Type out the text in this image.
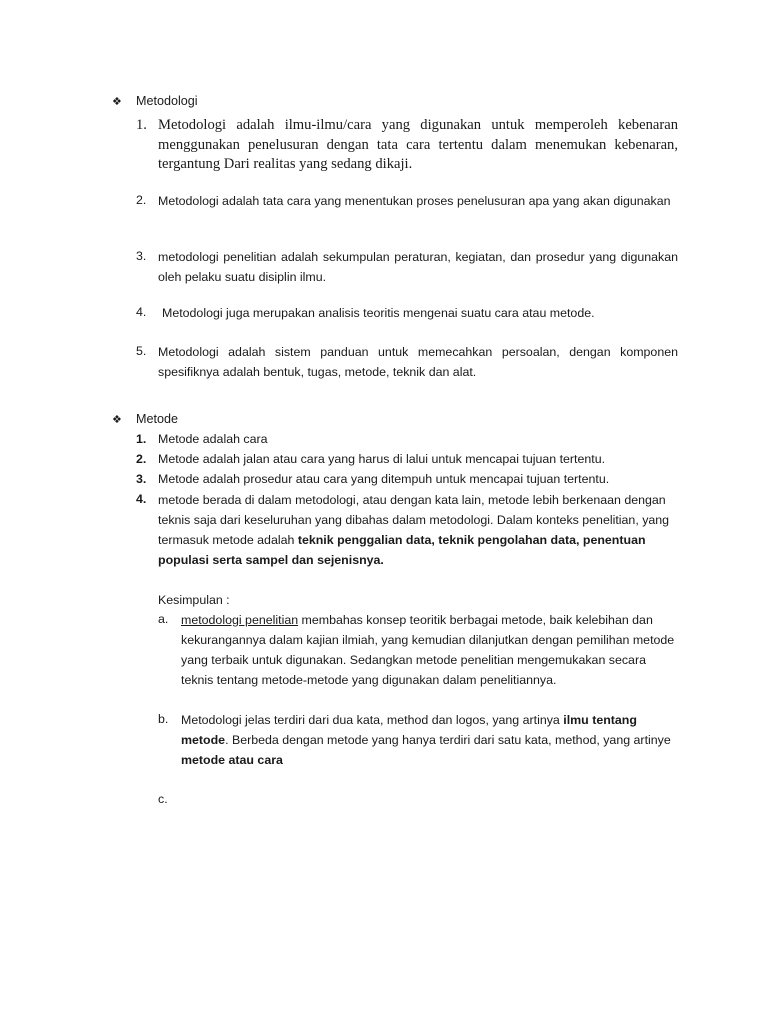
❖ Metodologi
1. Metodologi adalah ilmu-ilmu/cara yang digunakan untuk memperoleh kebenaran menggunakan penelusuran dengan tata cara tertentu dalam menemukan kebenaran, tergantung Dari realitas yang sedang dikaji.
2. Metodologi adalah tata cara yang menentukan proses penelusuran apa yang akan digunakan
3. metodologi penelitian adalah sekumpulan peraturan, kegiatan, dan prosedur yang digunakan oleh pelaku suatu disiplin ilmu.
4. Metodologi juga merupakan analisis teoritis mengenai suatu cara atau metode.
5. Metodologi adalah sistem panduan untuk memecahkan persoalan, dengan komponen spesifiknya adalah bentuk, tugas, metode, teknik dan alat.
❖ Metode
1. Metode adalah cara
2. Metode adalah jalan atau cara yang harus di lalui untuk mencapai tujuan tertentu.
3. Metode adalah prosedur atau cara yang ditempuh untuk mencapai tujuan tertentu.
4. metode berada di dalam metodologi, atau dengan kata lain, metode lebih berkenaan dengan teknis saja dari keseluruhan yang dibahas dalam metodologi. Dalam konteks penelitian, yang termasuk metode adalah teknik penggalian data, teknik pengolahan data, penentuan populasi serta sampel dan sejenisnya.
Kesimpulan :
a. metodologi penelitian membahas konsep teoritik berbagai metode, baik kelebihan dan kekurangannya dalam kajian ilmiah, yang kemudian dilanjutkan dengan pemilihan metode yang terbaik untuk digunakan. Sedangkan metode penelitian mengemukakan secara teknis tentang metode-metode yang digunakan dalam penelitiannya.
b. Metodologi jelas terdiri dari dua kata, method dan logos, yang artinya ilmu tentang metode. Berbeda dengan metode yang hanya terdiri dari satu kata, method, yang artinye metode atau cara
c.
